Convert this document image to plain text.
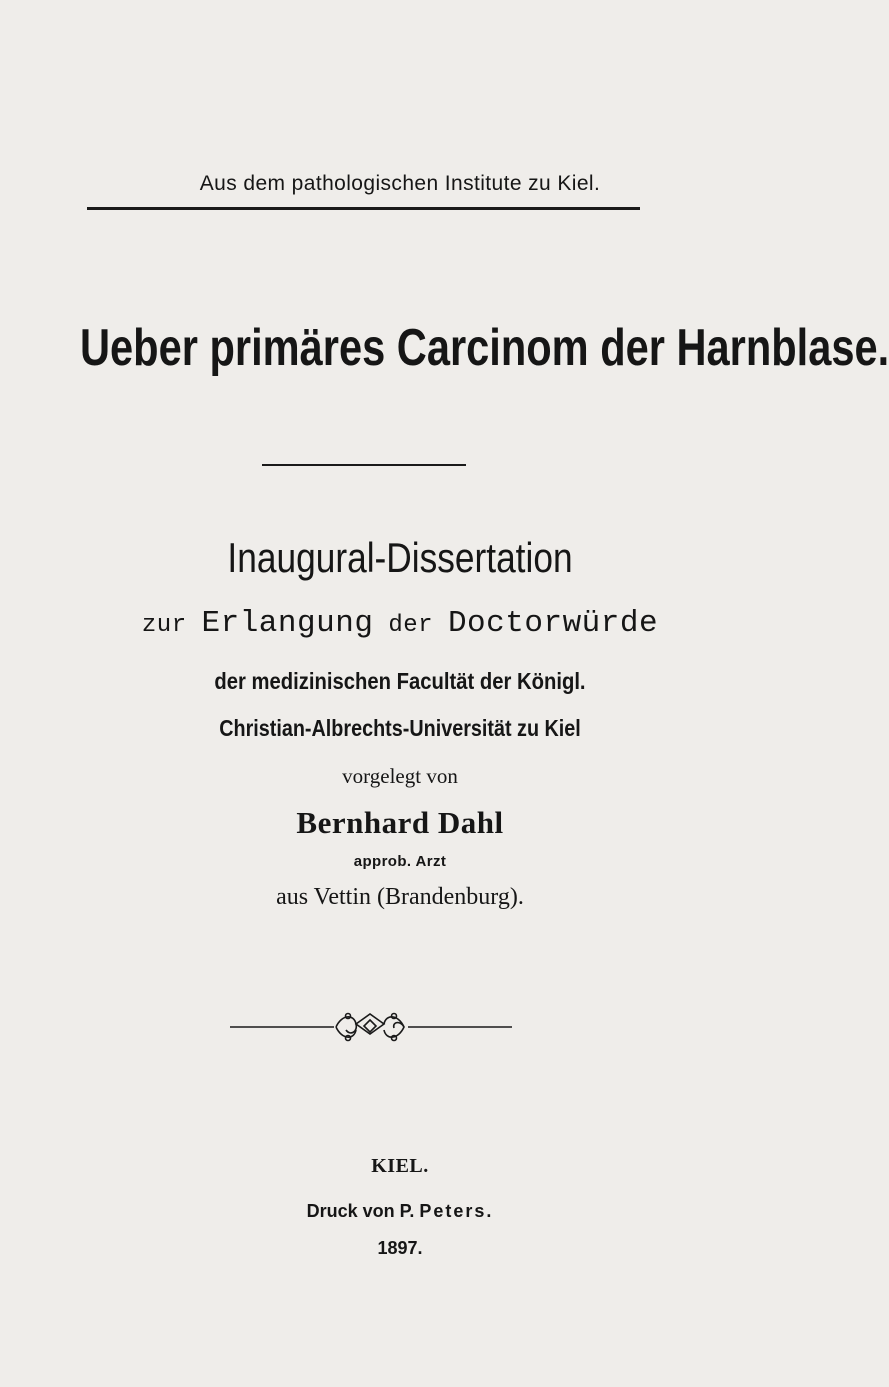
Aus dem pathologischen Institute zu Kiel.
Ueber primäres Carcinom der Harnblase.
Inaugural-Dissertation
zur Erlangung der Doctorwürde
der medizinischen Facultät der Königl.
Christian-Albrechts-Universität zu Kiel
vorgelegt von
Bernhard Dahl
approb. Arzt
aus Vettin (Brandenburg).
KIEL.
Druck von P. Peters.
1897.
